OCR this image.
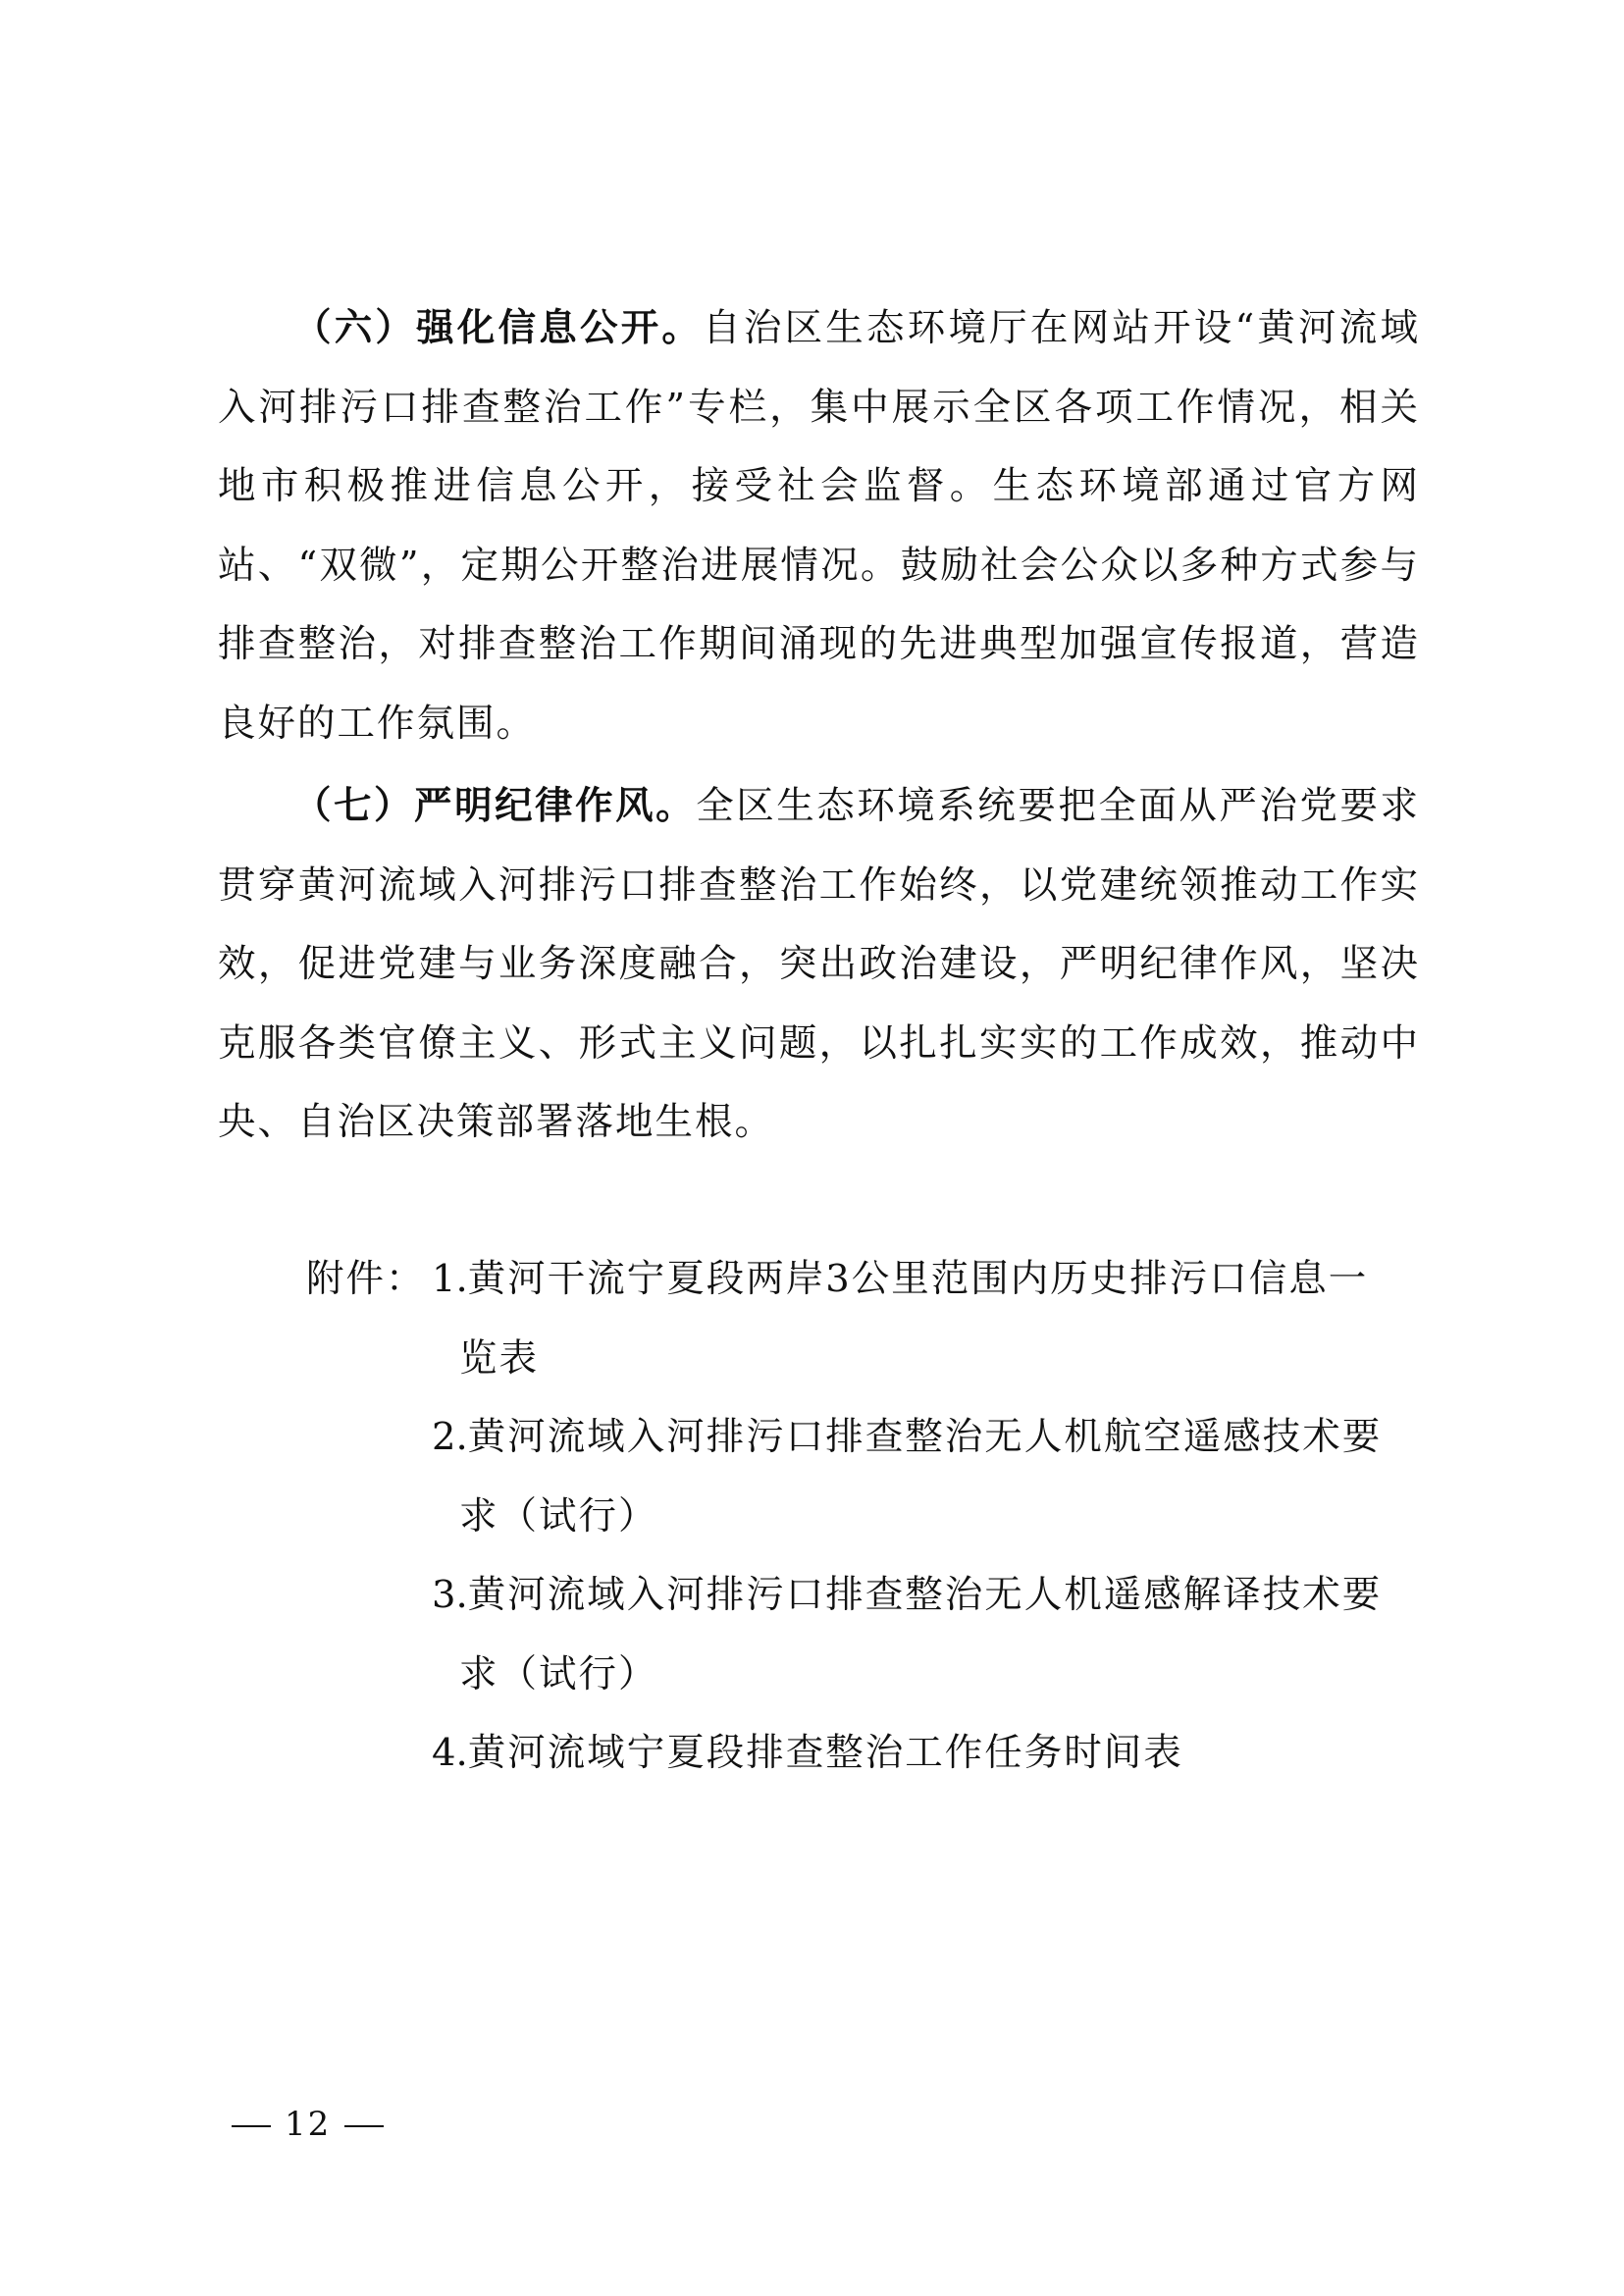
（六）强化信息公开。自治区生态环境厅在网站开设“黄河流域入河排污口排查整治工作”专栏，集中展示全区各项工作情况，相关地市积极推进信息公开，接受社会监督。生态环境部通过官方网站、“双微”，定期公开整治进展情况。鼓励社会公众以多种方式参与排查整治，对排查整治工作期间涌现的先进典型加强宣传报道，营造良好的工作氛围。

（七）严明纪律作风。全区生态环境系统要把全面从严治党要求贯穿黄河流域入河排污口排查整治工作始终，以党建统领推动工作实效，促进党建与业务深度融合，突出政治建设，严明纪律作风，坚决克服各类官僚主义、形式主义问题，以扎扎实实的工作成效，推动中央、自治区决策部署落地生根。

附件： 1.黄河干流宁夏段两岸3公里范围内历史排污口信息一览表
2.黄河流域入河排污口排查整治无人机航空遥感技术要求（试行）
3.黄河流域入河排污口排查整治无人机遥感解译技术要求（试行）
4.黄河流域宁夏段排查整治工作任务时间表
12
